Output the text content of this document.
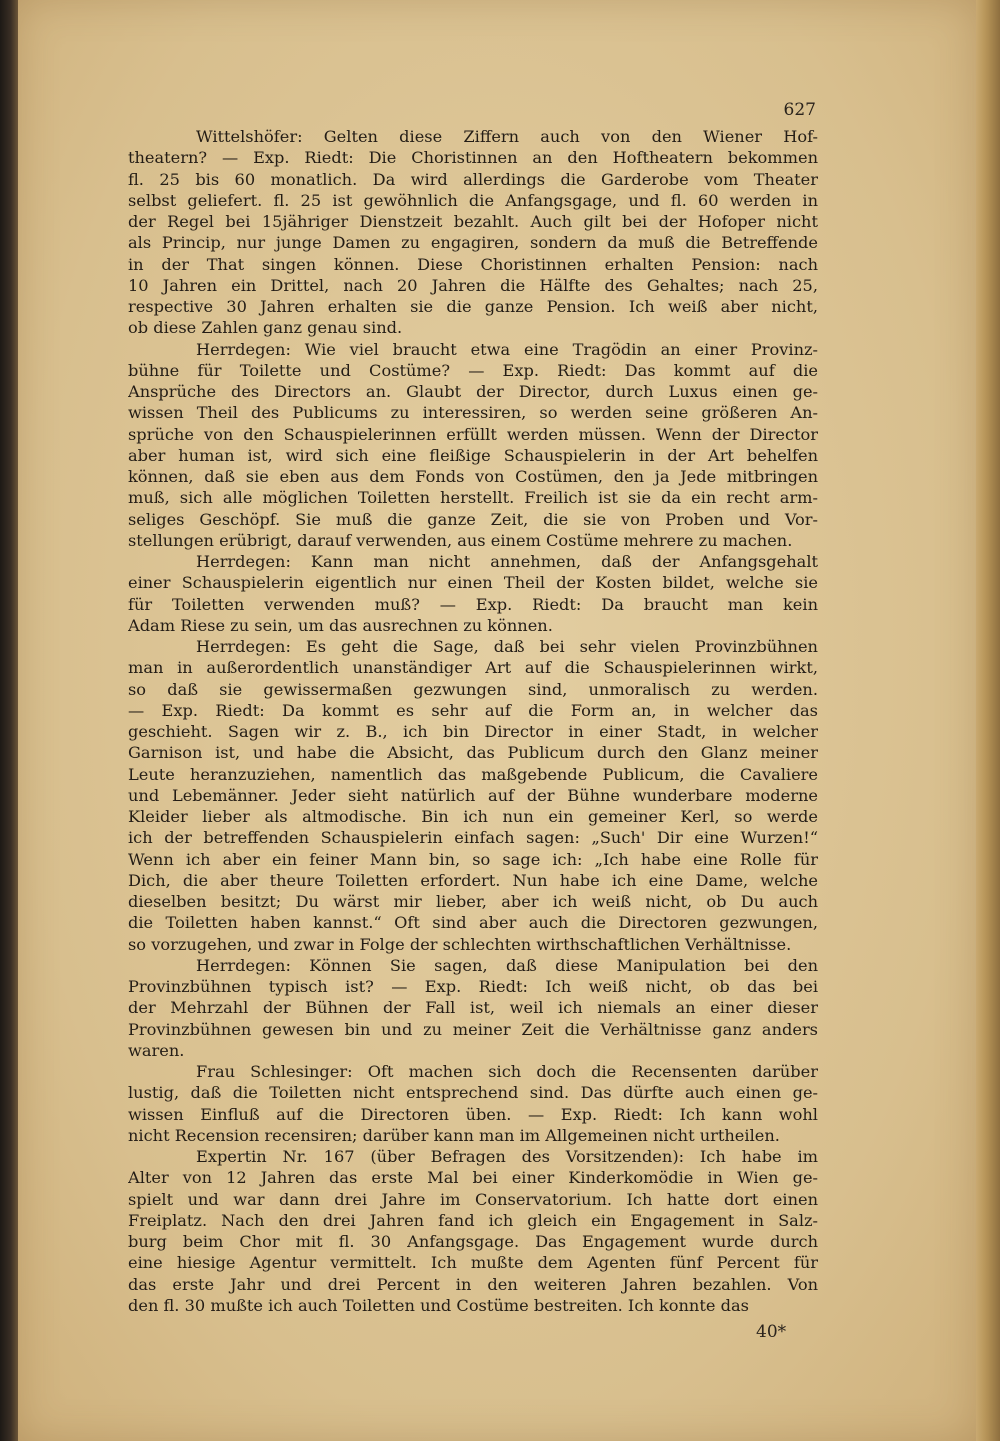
627
Wittelshöfer: Gelten diese Ziffern auch von den Wiener Hof-
theatern? — Exp. Riedt: Die Choristinnen an den Hoftheatern bekommen
fl. 25 bis 60 monatlich. Da wird allerdings die Garderobe vom Theater
selbst geliefert. fl. 25 ist gewöhnlich die Anfangsgage, und fl. 60 werden in
der Regel bei 15jähriger Dienstzeit bezahlt. Auch gilt bei der Hofoper nicht
als Princip, nur junge Damen zu engagiren, sondern da muß die Betreffende
in der That singen können. Diese Choristinnen erhalten Pension: nach
10 Jahren ein Drittel, nach 20 Jahren die Hälfte des Gehaltes; nach 25,
respective 30 Jahren erhalten sie die ganze Pension. Ich weiß aber nicht,
ob diese Zahlen ganz genau sind.
Herrdegen: Wie viel braucht etwa eine Tragödin an einer Provinz-
bühne für Toilette und Costüme? — Exp. Riedt: Das kommt auf die
Ansprüche des Directors an. Glaubt der Director, durch Luxus einen ge-
wissen Theil des Publicums zu interessiren, so werden seine größeren An-
sprüche von den Schauspielerinnen erfüllt werden müssen. Wenn der Director
aber human ist, wird sich eine fleißige Schauspielerin in der Art behelfen
können, daß sie eben aus dem Fonds von Costümen, den ja Jede mitbringen
muß, sich alle möglichen Toiletten herstellt. Freilich ist sie da ein recht arm-
seliges Geschöpf. Sie muß die ganze Zeit, die sie von Proben und Vor-
stellungen erübrigt, darauf verwenden, aus einem Costüme mehrere zu machen.
Herrdegen: Kann man nicht annehmen, daß der Anfangsgehalt
einer Schauspielerin eigentlich nur einen Theil der Kosten bildet, welche sie
für Toiletten verwenden muß? — Exp. Riedt: Da braucht man kein
Adam Riese zu sein, um das ausrechnen zu können.
Herrdegen: Es geht die Sage, daß bei sehr vielen Provinzbühnen
man in außerordentlich unanständiger Art auf die Schauspielerinnen wirkt,
so daß sie gewissermaßen gezwungen sind, unmoralisch zu werden.
— Exp. Riedt: Da kommt es sehr auf die Form an, in welcher das
geschieht. Sagen wir z. B., ich bin Director in einer Stadt, in welcher
Garnison ist, und habe die Absicht, das Publicum durch den Glanz meiner
Leute heranzuziehen, namentlich das maßgebende Publicum, die Cavaliere
und Lebemänner. Jeder sieht natürlich auf der Bühne wunderbare moderne
Kleider lieber als altmodische. Bin ich nun ein gemeiner Kerl, so werde
ich der betreffenden Schauspielerin einfach sagen: „Such' Dir eine Wurzen!“
Wenn ich aber ein feiner Mann bin, so sage ich: „Ich habe eine Rolle für
Dich, die aber theure Toiletten erfordert. Nun habe ich eine Dame, welche
dieselben besitzt; Du wärst mir lieber, aber ich weiß nicht, ob Du auch
die Toiletten haben kannst.“ Oft sind aber auch die Directoren gezwungen,
so vorzugehen, und zwar in Folge der schlechten wirthschaftlichen Verhältnisse.
Herrdegen: Können Sie sagen, daß diese Manipulation bei den
Provinzbühnen typisch ist? — Exp. Riedt: Ich weiß nicht, ob das bei
der Mehrzahl der Bühnen der Fall ist, weil ich niemals an einer dieser
Provinzbühnen gewesen bin und zu meiner Zeit die Verhältnisse ganz anders
waren.
Frau Schlesinger: Oft machen sich doch die Recensenten darüber
lustig, daß die Toiletten nicht entsprechend sind. Das dürfte auch einen ge-
wissen Einfluß auf die Directoren üben. — Exp. Riedt: Ich kann wohl
nicht Recension recensiren; darüber kann man im Allgemeinen nicht urtheilen.
Expertin Nr. 167 (über Befragen des Vorsitzenden): Ich habe im
Alter von 12 Jahren das erste Mal bei einer Kinderkomödie in Wien ge-
spielt und war dann drei Jahre im Conservatorium. Ich hatte dort einen
Freiplatz. Nach den drei Jahren fand ich gleich ein Engagement in Salz-
burg beim Chor mit fl. 30 Anfangsgage. Das Engagement wurde durch
eine hiesige Agentur vermittelt. Ich mußte dem Agenten fünf Percent für
das erste Jahr und drei Percent in den weiteren Jahren bezahlen. Von
den fl. 30 mußte ich auch Toiletten und Costüme bestreiten. Ich konnte das
40*
